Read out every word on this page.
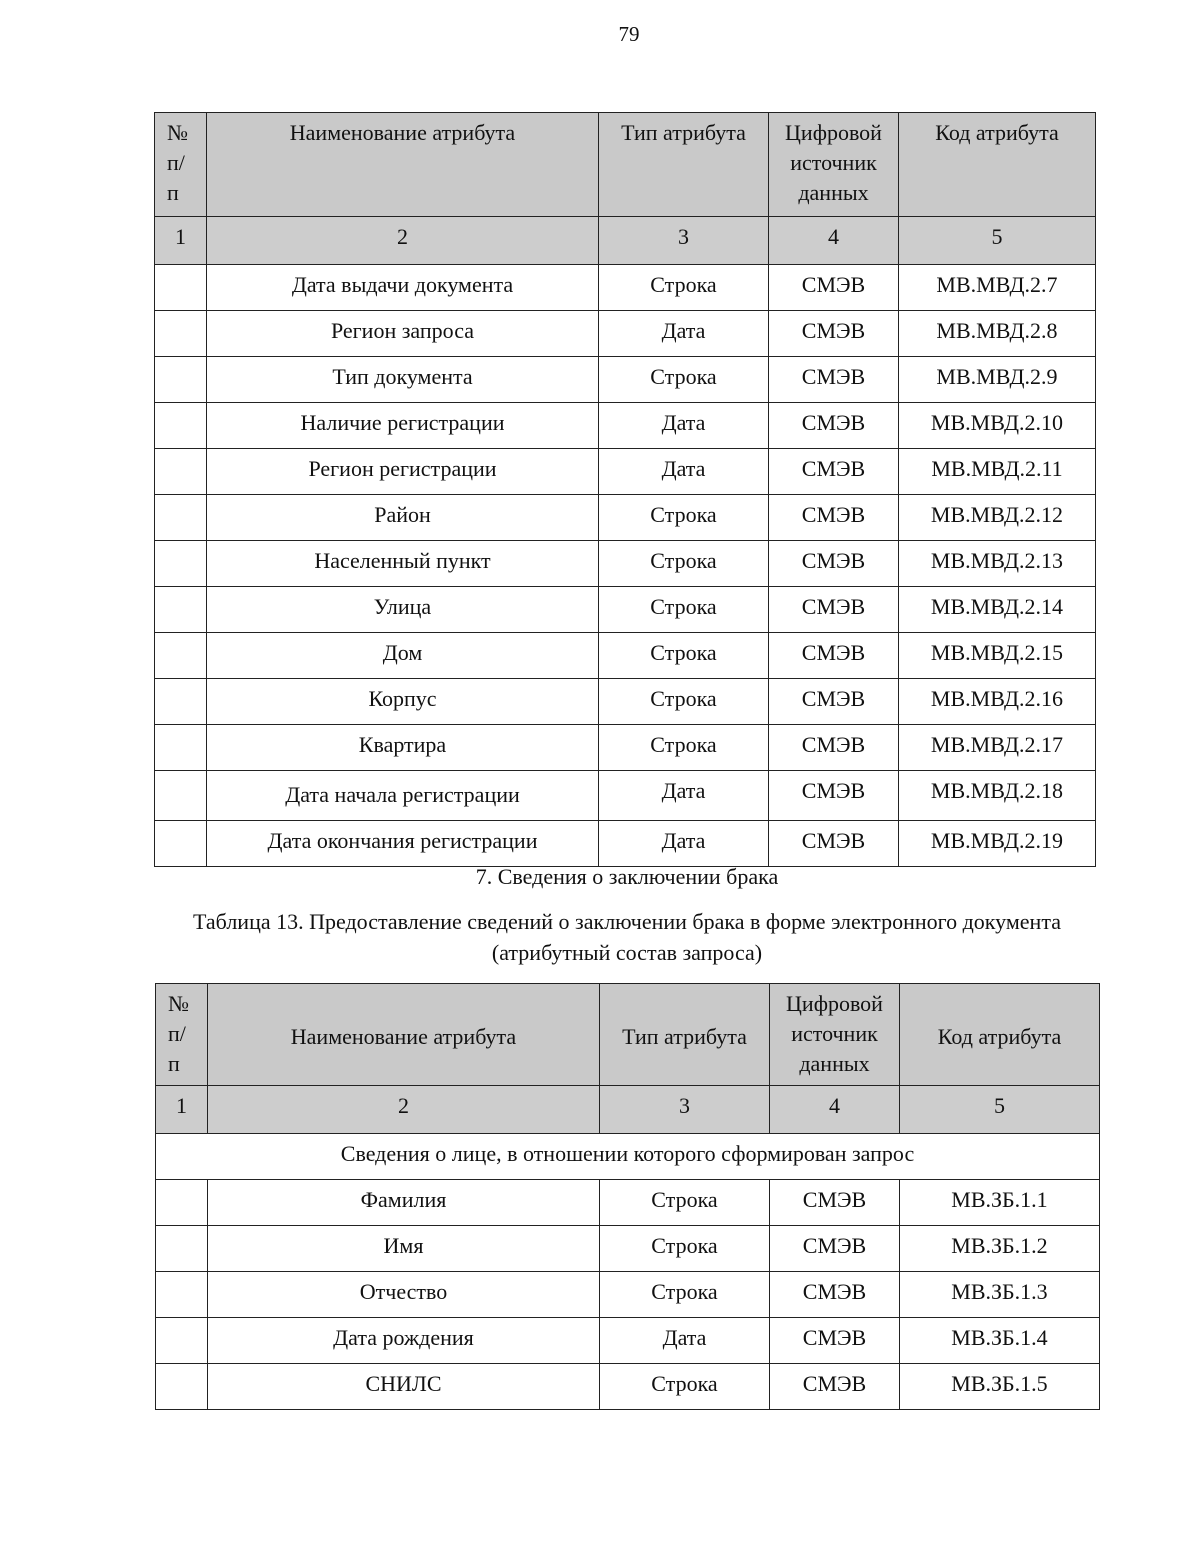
79
№ п/ п	Наименование атрибута	Тип атрибута	Цифровой источник данных	Код атрибута
1	2	3	4	5
	Дата выдачи документа	Строка	СМЭВ	МВ.МВД.2.7
	Регион запроса	Дата	СМЭВ	МВ.МВД.2.8
	Тип документа	Строка	СМЭВ	МВ.МВД.2.9
	Наличие регистрации	Дата	СМЭВ	МВ.МВД.2.10
	Регион регистрации	Дата	СМЭВ	МВ.МВД.2.11
	Район	Строка	СМЭВ	МВ.МВД.2.12
	Населенный пункт	Строка	СМЭВ	МВ.МВД.2.13
	Улица	Строка	СМЭВ	МВ.МВД.2.14
	Дом	Строка	СМЭВ	МВ.МВД.2.15
	Корпус	Строка	СМЭВ	МВ.МВД.2.16
	Квартира	Строка	СМЭВ	МВ.МВД.2.17
	Дата начала регистрации	Дата	СМЭВ	МВ.МВД.2.18
	Дата окончания регистрации	Дата	СМЭВ	МВ.МВД.2.19
7. Сведения о заключении брака
Таблица 13. Предоставление сведений о заключении брака в форме электронного документа (атрибутный состав запроса)
№ п/ п	Наименование атрибута	Тип атрибута	Цифровой источник данных	Код атрибута
1	2	3	4	5
Сведения о лице, в отношении которого сформирован запрос				
	Фамилия	Строка	СМЭВ	МВ.ЗБ.1.1
	Имя	Строка	СМЭВ	МВ.ЗБ.1.2
	Отчество	Строка	СМЭВ	МВ.ЗБ.1.3
	Дата рождения	Дата	СМЭВ	МВ.ЗБ.1.4
	СНИЛС	Строка	СМЭВ	МВ.ЗБ.1.5
